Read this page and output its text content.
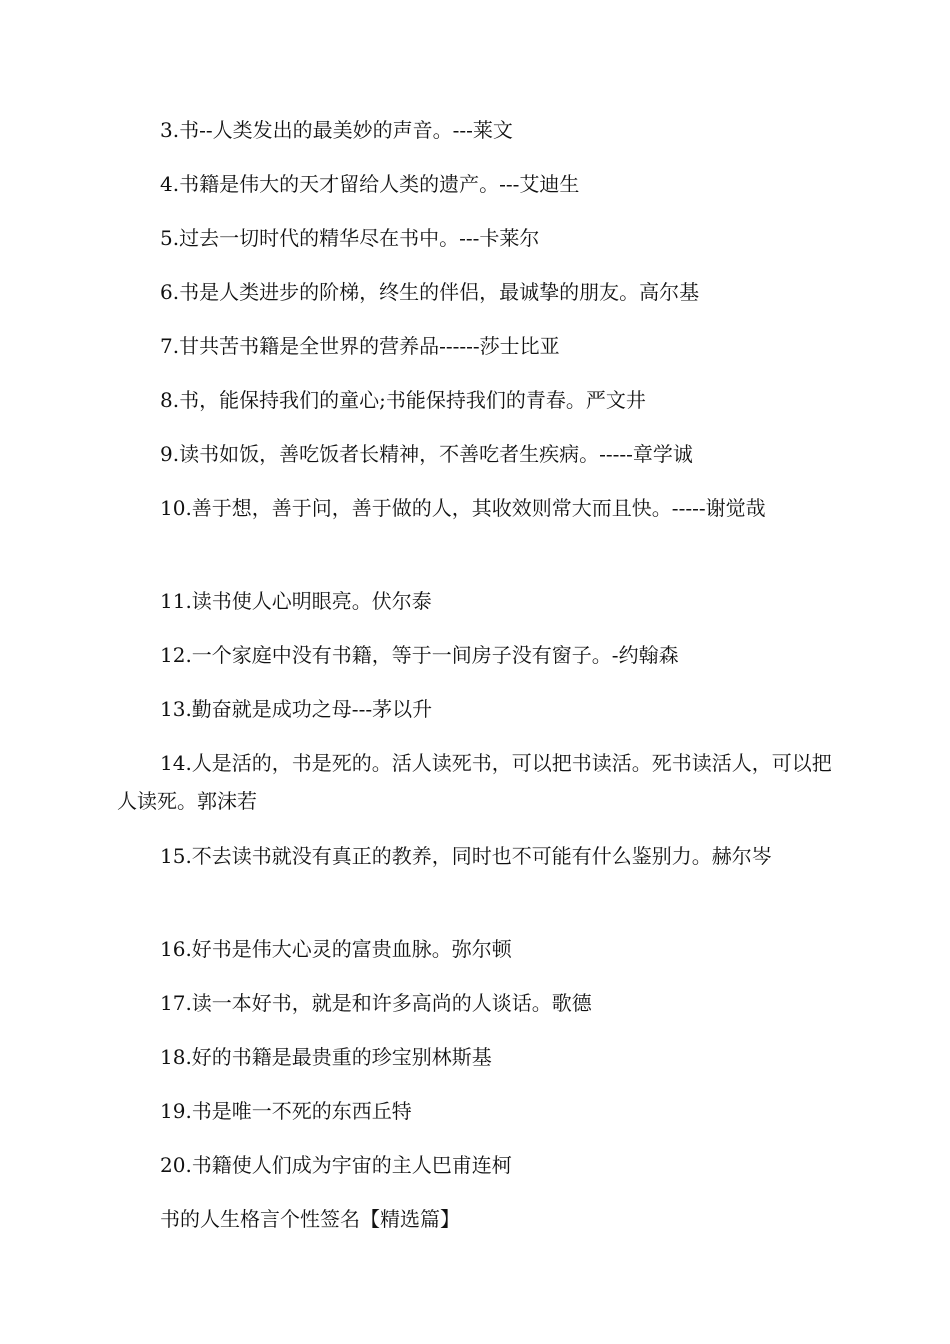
3.书--人类发出的最美妙的声音。---莱文

4.书籍是伟大的天才留给人类的遗产。---艾迪生

5.过去一切时代的精华尽在书中。---卡莱尔

6.书是人类进步的阶梯，终生的伴侣，最诚挚的朋友。高尔基

7.甘共苦书籍是全世界的营养品------莎士比亚

8.书，能保持我们的童心;书能保持我们的青春。严文井

9.读书如饭，善吃饭者长精神，不善吃者生疾病。-----章学诚

10.善于想，善于问，善于做的人，其收效则常大而且快。-----谢觉哉

11.读书使人心明眼亮。伏尔泰

12.一个家庭中没有书籍，等于一间房子没有窗子。-约翰森

13.勤奋就是成功之母---茅以升

14.人是活的，书是死的。活人读死书，可以把书读活。死书读活人，可以把人读死。郭沫若

15.不去读书就没有真正的教养，同时也不可能有什么鉴别力。赫尔岑

16.好书是伟大心灵的富贵血脉。弥尔顿

17.读一本好书，就是和许多高尚的人谈话。歌德

18.好的书籍是最贵重的珍宝别林斯基

19.书是唯一不死的东西丘特

20.书籍使人们成为宇宙的主人巴甫连柯

书的人生格言个性签名【精选篇】
